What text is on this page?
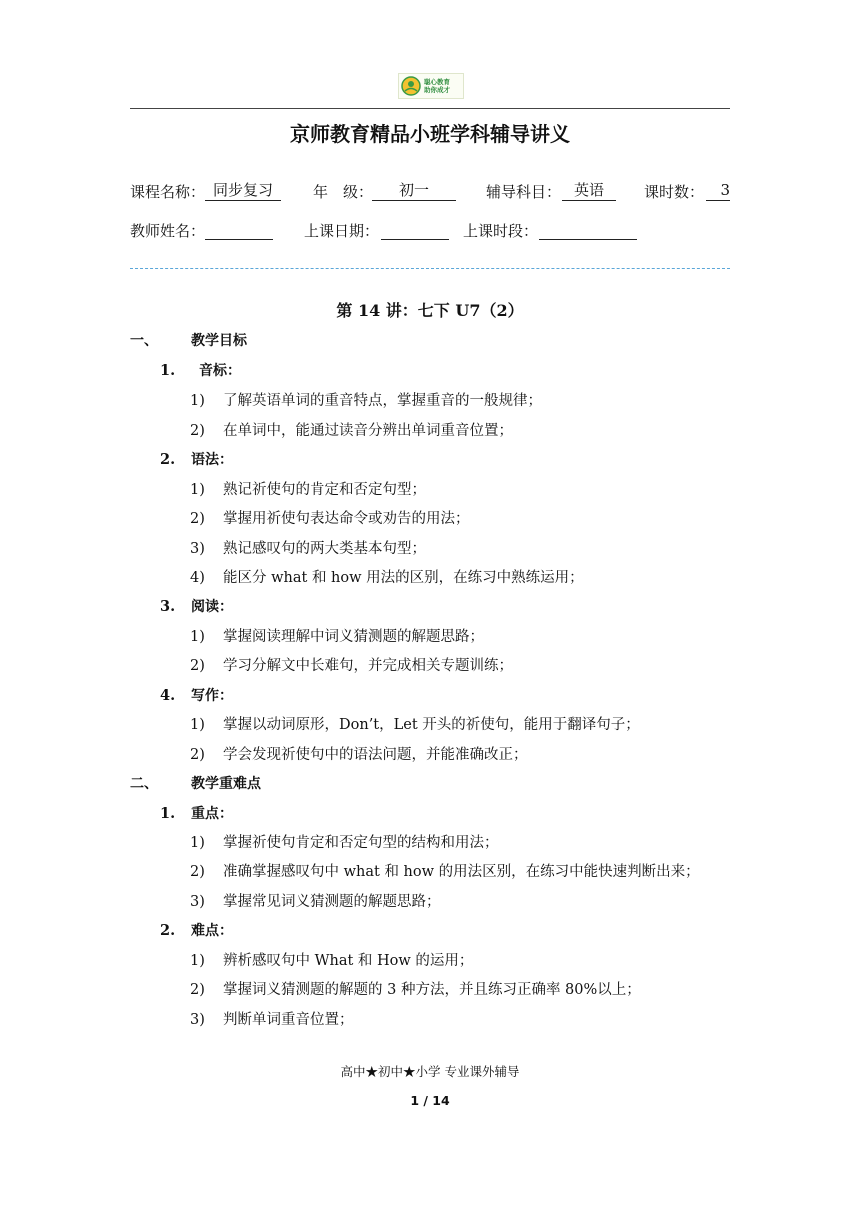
聪心教育
助你成才
京师教育精品小班学科辅导讲义
课程名称： 同步复习	年　级：	初一	辅导科目： 英语	课时数：	3
教师姓名：	上课日期：	上课时段：
第 14 讲：七下 U7（2）
一、 教学目标
1. 音标：
1) 了解英语单词的重音特点，掌握重音的一般规律；
2) 在单词中，能通过读音分辨出单词重音位置；
2. 语法：
1) 熟记祈使句的肯定和否定句型；
2) 掌握用祈使句表达命令或劝告的用法；
3) 熟记感叹句的两大类基本句型；
4) 能区分 what 和 how 用法的区别，在练习中熟练运用；
3. 阅读：
1) 掌握阅读理解中词义猜测题的解题思路；
2) 学习分解文中长难句，并完成相关专题训练；
4. 写作：
1) 掌握以动词原形，Don’t，Let 开头的祈使句，能用于翻译句子；
2) 学会发现祈使句中的语法问题，并能准确改正；
二、 教学重难点
1. 重点：
1) 掌握祈使句肯定和否定句型的结构和用法；
2) 准确掌握感叹句中 what 和 how 的用法区别，在练习中能快速判断出来；
3) 掌握常见词义猜测题的解题思路；
2. 难点：
1) 辨析感叹句中 What 和 How 的运用；
2) 掌握词义猜测题的解题的 3 种方法，并且练习正确率 80%以上；
3) 判断单词重音位置；
高中★初中★小学 专业课外辅导
1 / 14
